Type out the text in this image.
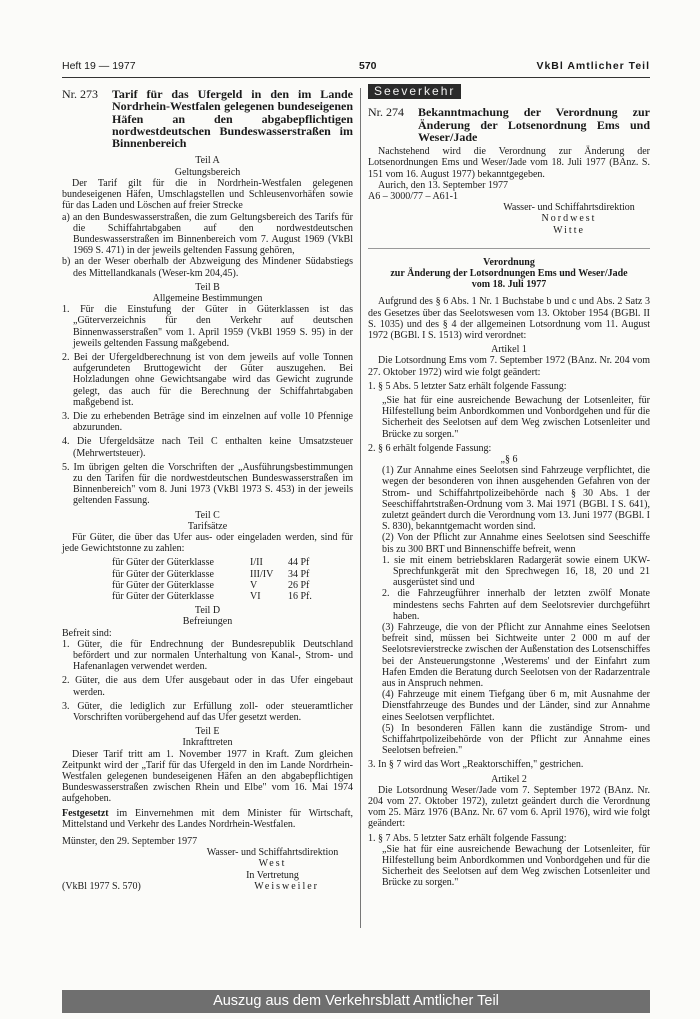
Heft 19 — 1977	570	VkBl Amtlicher Teil
Nr. 273	Tarif für das Ufergeld in den im Lande Nordrhein-Westfalen gelegenen bundeseigenen Häfen an den abgabepflichtigen nordwestdeutschen Bundeswasserstraßen im Binnenbereich

Teil A

Geltungsbereich

Der Tarif gilt für die in Nordrhein-Westfalen gelegenen bundeseigenen Häfen, Umschlagstellen und Schleusenvorhäfen sowie für das Laden und Löschen auf freier Strecke

a) an den Bundeswasserstraßen, die zum Geltungsbereich des Tarifs für die Schiffahrtabgaben auf den nordwestdeutschen Bundeswasserstraßen im Binnenbereich vom 7. August 1969 (VkBl 1969 S. 471) in der jeweils geltenden Fassung gehören,

b) an der Weser oberhalb der Abzweigung des Mindener Südabstiegs des Mittellandkanals (Weser-km 204,45).

Teil B

Allgemeine Bestimmungen

1. Für die Einstufung der Güter in Güterklassen ist das „Güterverzeichnis für den Verkehr auf deutschen Binnenwasserstraßen" vom 1. April 1959 (VkBl 1959 S. 95) in der jeweils geltenden Fassung maßgebend.

2. Bei der Ufergeldberechnung ist von dem jeweils auf volle Tonnen aufgerundeten Bruttogewicht der Güter auszugehen. Bei Holzladungen ohne Gewichtsangabe wird das Gewicht zugrunde gelegt, das auch für die Berechnung der Schiffahrtabgaben maßgebend ist.

3. Die zu erhebenden Beträge sind im einzelnen auf volle 10 Pfennige abzurunden.

4. Die Ufergeldsätze nach Teil C enthalten keine Umsatzsteuer (Mehrwertsteuer).

5. Im übrigen gelten die Vorschriften der „Ausführungsbestimmungen zu den Tarifen für die nordwestdeutschen Bundeswasserstraßen im Binnenbereich" vom 8. Juni 1973 (VkBl 1973 S. 453) in der jeweils geltenden Fassung.

Teil C

Tarifsätze

Für Güter, die über das Ufer aus- oder eingeladen werden, sind für jede Gewichtstonne zu zahlen:

für Güter der Güterklasse	I/II	44 Pf
für Güter der Güterklasse	III/IV	34 Pf
für Güter der Güterklasse	V	26 Pf
für Güter der Güterklasse	VI	16 Pf.

Teil D

Befreiungen

Befreit sind:

1. Güter, die für Endrechnung der Bundesrepublik Deutschland befördert und zur normalen Unterhaltung von Kanal-, Strom- und Hafenanlagen verwendet werden.

2. Güter, die aus dem Ufer ausgebaut oder in das Ufer eingebaut werden.

3. Güter, die lediglich zur Erfüllung zoll- oder steueramtlicher Vorschriften vorübergehend auf das Ufer gesetzt werden.

Teil E

Inkrafttreten

Dieser Tarif tritt am 1. November 1977 in Kraft. Zum gleichen Zeitpunkt wird der „Tarif für das Ufergeld in den im Lande Nordrhein-Westfalen gelegenen bundeseigenen Häfen an den abgabepflichtigen Bundeswasserstraßen zwischen Rhein und Elbe" vom 16. Mai 1974 aufgehoben.

Festgesetzt im Einvernehmen mit dem Minister für Wirtschaft, Mittelstand und Verkehr des Landes Nordrhein-Westfalen.

Münster, den 29. September 1977

Wasser- und Schiffahrtsdirektion

West

In Vertretung

(VkBl 1977 S. 570)	Weisweiler
Seeverkehr
Nr. 274	Bekanntmachung der Verordnung zur Änderung der Lotsenordnung Ems und Weser/Jade

Nachstehend wird die Verordnung zur Änderung der Lotsenordnungen Ems und Weser/Jade vom 18. Juli 1977 (BAnz. S. 151 vom 16. August 1977) bekanntgegeben.

Aurich, den 13. September 1977

A6 – 3000/77 – A61-1

Wasser- und Schiffahrtsdirektion

Nordwest

Witte

Verordnung

zur Änderung der Lotsordnungen Ems und Weser/Jade

vom 18. Juli 1977

Aufgrund des § 6 Abs. 1 Nr. 1 Buchstabe b und c und Abs. 2 Satz 3 des Gesetzes über das Seelotswesen vom 13. Oktober 1954 (BGBl. II S. 1035) und des § 4 der allgemeinen Lotsordnung vom 11. August 1972 (BGBl. I S. 1513) wird verordnet:

Artikel 1

Die Lotsordnung Ems vom 7. September 1972 (BAnz. Nr. 204 vom 27. Oktober 1972) wird wie folgt geändert:

1. § 5 Abs. 5 letzter Satz erhält folgende Fassung:

„Sie hat für eine ausreichende Bewachung der Lotsenleiter, für Hilfestellung beim Anbordkommen und Vonbordgehen und für die Sicherheit des Seelotsen auf dem Weg zwischen Lotsenleiter und Brücke zu sorgen."

2. § 6 erhält folgende Fassung:

„§ 6

(1) Zur Annahme eines Seelotsen sind Fahrzeuge verpflichtet, die wegen der besonderen von ihnen ausgehenden Gefahren von der Strom- und Schiffahrtpolizeibehörde nach § 30 Abs. 1 der Seeschiffahrtstraßen-Ordnung vom 3. Mai 1971 (BGBl. I S. 641), zuletzt geändert durch die Verordnung vom 13. Juni 1977 (BGBl. I S. 830), bekanntgemacht worden sind.

(2) Von der Pflicht zur Annahme eines Seelotsen sind Seeschiffe bis zu 300 BRT und Binnenschiffe befreit, wenn

1. sie mit einem betriebsklaren Radargerät sowie einem UKW-Sprechfunkgerät mit den Sprechwegen 16, 18, 20 und 21 ausgerüstet sind und

2. die Fahrzeugführer innerhalb der letzten zwölf Monate mindestens sechs Fahrten auf dem Seelotsrevier durchgeführt haben.

(3) Fahrzeuge, die von der Pflicht zur Annahme eines Seelotsen befreit sind, müssen bei Sichtweite unter 2 000 m auf der Seelotsrevierstrecke zwischen der Außenstation des Lotsenschiffes bei der Ansteuerungstonne ‚Westerems' und der Einfahrt zum Hafen Emden die Beratung durch Seelotsen von der Radarzentrale aus in Anspruch nehmen.

(4) Fahrzeuge mit einem Tiefgang über 6 m, mit Ausnahme der Dienstfahrzeuge des Bundes und der Länder, sind zur Annahme eines Seelotsen verpflichtet.

(5) In besonderen Fällen kann die zuständige Strom- und Schiffahrtpolizeibehörde von der Pflicht zur Annahme eines Seelotsen befreien."

3. In § 7 wird das Wort „Reaktorschiffen," gestrichen.

Artikel 2

Die Lotsordnung Weser/Jade vom 7. September 1972 (BAnz. Nr. 204 vom 27. Oktober 1972), zuletzt geändert durch die Verordnung vom 25. März 1976 (BAnz. Nr. 67 vom 6. April 1976), wird wie folgt geändert:

1. § 7 Abs. 5 letzter Satz erhält folgende Fassung:

„Sie hat für eine ausreichende Bewachung der Lotsenleiter, für Hilfestellung beim Anbordkommen und Vonbordgehen und für die Sicherheit des Seelotsen auf dem Weg zwischen Lotsenleiter und Brücke zu sorgen."

Auszug aus dem Verkehrsblatt Amtlicher Teil
